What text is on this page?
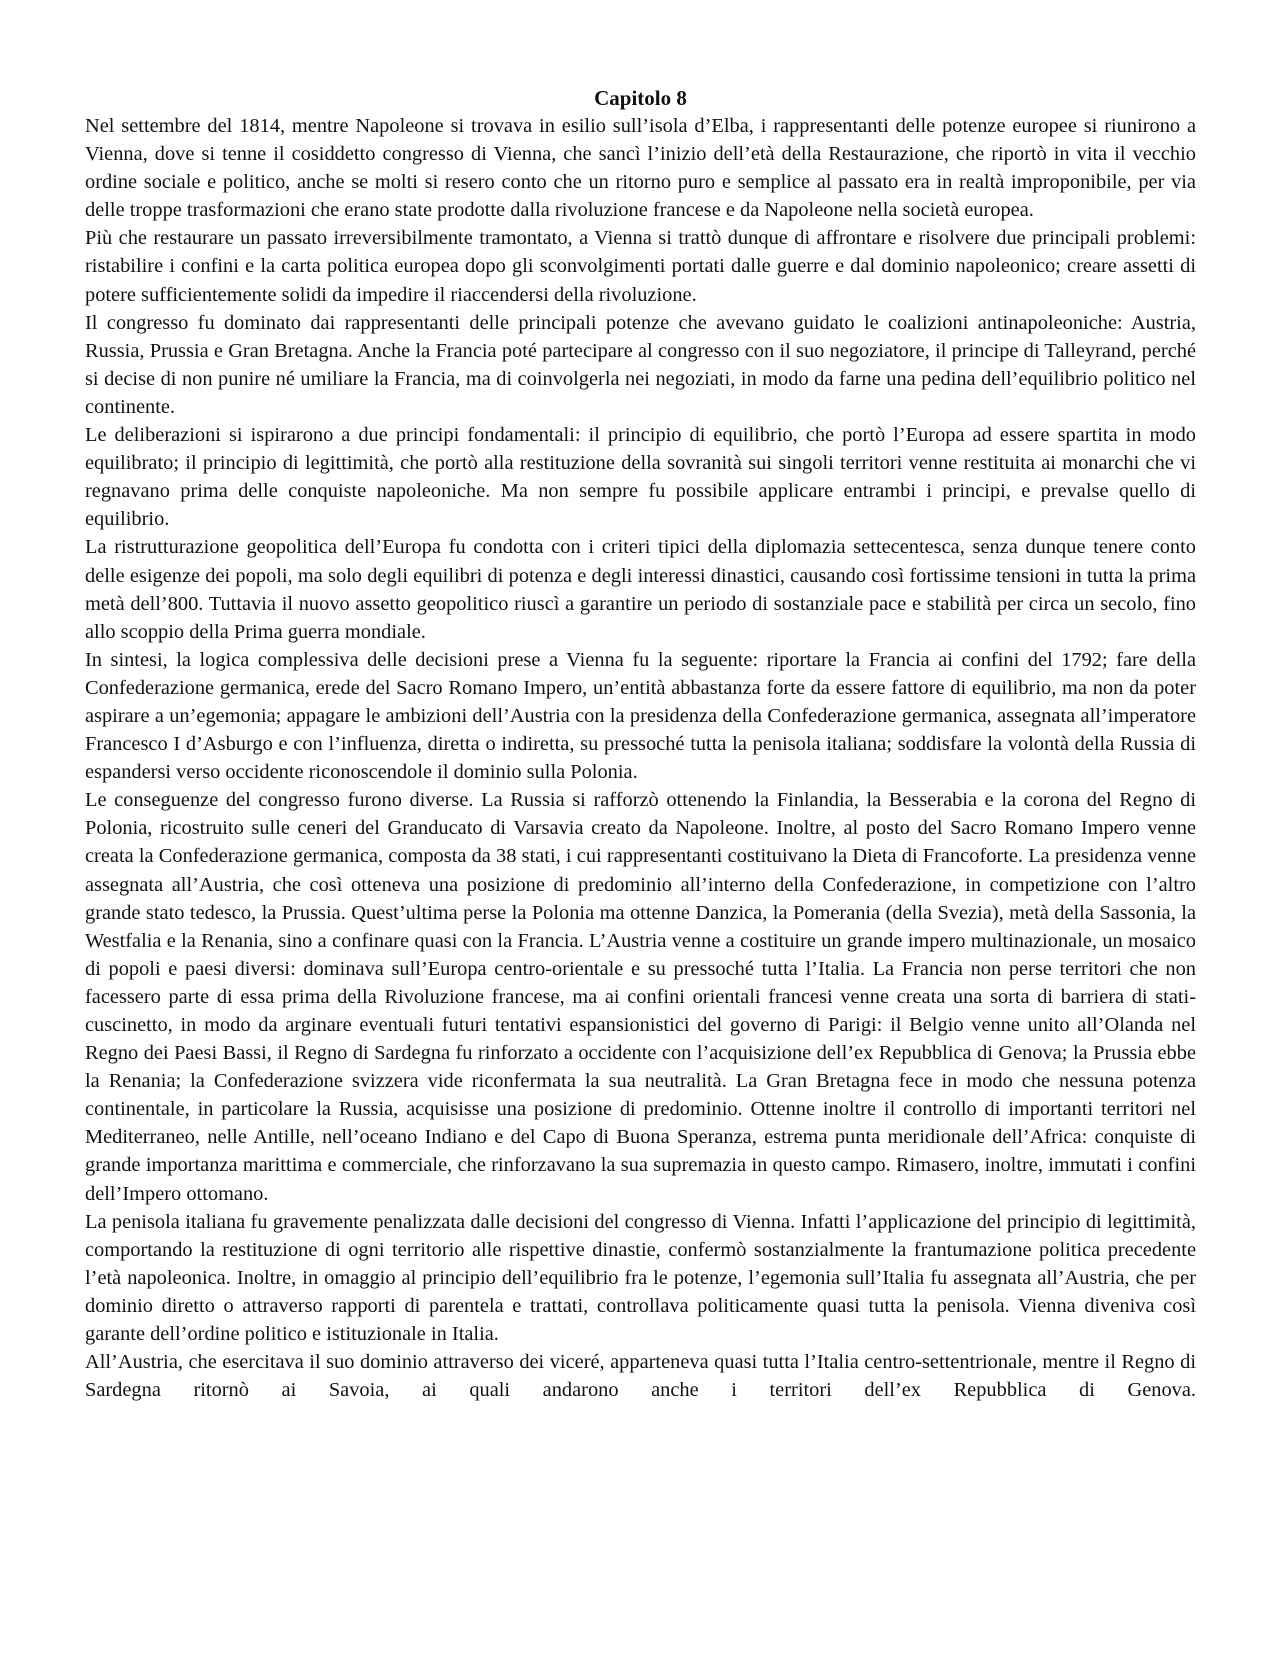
Capitolo 8

Nel settembre del 1814, mentre Napoleone si trovava in esilio sull’isola d’Elba, i rappresentanti delle potenze europee si riunirono a Vienna, dove si tenne il cosiddetto congresso di Vienna, che sancì l’inizio dell’età della Restaurazione, che riportò in vita il vecchio ordine sociale e politico, anche se molti si resero conto che un ritorno puro e semplice al passato era in realtà improponibile, per via delle troppe trasformazioni che erano state prodotte dalla rivoluzione francese e da Napoleone nella società europea.

Più che restaurare un passato irreversibilmente tramontato, a Vienna si trattò dunque di affrontare e risolvere due principali problemi: ristabilire i confini e la carta politica europea dopo gli sconvolgimenti portati dalle guerre e dal dominio napoleonico; creare assetti di potere sufficientemente solidi da impedire il riaccendersi della rivoluzione.

Il congresso fu dominato dai rappresentanti delle principali potenze che avevano guidato le coalizioni antinapoleoniche: Austria, Russia, Prussia e Gran Bretagna. Anche la Francia poté partecipare al congresso con il suo negoziatore, il principe di Talleyrand, perché si decise di non punire né umiliare la Francia, ma di coinvolgerla nei negoziati, in modo da farne una pedina dell’equilibrio politico nel continente.

Le deliberazioni si ispirarono a due principi fondamentali: il principio di equilibrio, che portò l’Europa ad essere spartita in modo equilibrato; il principio di legittimità, che portò alla restituzione della sovranità sui singoli territori venne restituita ai monarchi che vi regnavano prima delle conquiste napoleoniche. Ma non sempre fu possibile applicare entrambi i principi, e prevalse quello di equilibrio.

La ristrutturazione geopolitica dell’Europa fu condotta con i criteri tipici della diplomazia settecentesca, senza dunque tenere conto delle esigenze dei popoli, ma solo degli equilibri di potenza e degli interessi dinastici, causando così fortissime tensioni in tutta la prima metà dell’800. Tuttavia il nuovo assetto geopolitico riuscì a garantire un periodo di sostanziale pace e stabilità per circa un secolo, fino allo scoppio della Prima guerra mondiale.

In sintesi, la logica complessiva delle decisioni prese a Vienna fu la seguente: riportare la Francia ai confini del 1792; fare della Confederazione germanica, erede del Sacro Romano Impero, un’entità abbastanza forte da essere fattore di equilibrio, ma non da poter aspirare a un’egemonia; appagare le ambizioni dell’Austria con la presidenza della Confederazione germanica, assegnata all’imperatore Francesco I d’Asburgo e con l’influenza, diretta o indiretta, su pressoché tutta la penisola italiana; soddisfare la volontà della Russia di espandersi verso occidente riconoscendole il dominio sulla Polonia.

Le conseguenze del congresso furono diverse. La Russia si rafforzò ottenendo la Finlandia, la Besserabia e la corona del Regno di Polonia, ricostruito sulle ceneri del Granducato di Varsavia creato da Napoleone. Inoltre, al posto del Sacro Romano Impero venne creata la Confederazione germanica, composta da 38 stati, i cui rappresentanti costituivano la Dieta di Francoforte. La presidenza venne assegnata all’Austria, che così otteneva una posizione di predominio all’interno della Confederazione, in competizione con l’altro grande stato tedesco, la Prussia. Quest’ultima perse la Polonia ma ottenne Danzica, la Pomerania (della Svezia), metà della Sassonia, la Westfalia e la Renania, sino a confinare quasi con la Francia. L’Austria venne a costituire un grande impero multinazionale, un mosaico di popoli e paesi diversi: dominava sull’Europa centro-orientale e su pressoché tutta l’Italia. La Francia non perse territori che non facessero parte di essa prima della Rivoluzione francese, ma ai confini orientali francesi venne creata una sorta di barriera di stati-cuscinetto, in modo da arginare eventuali futuri tentativi espansionistici del governo di Parigi: il Belgio venne unito all’Olanda nel Regno dei Paesi Bassi, il Regno di Sardegna fu rinforzato a occidente con l’acquisizione dell’ex Repubblica di Genova; la Prussia ebbe la Renania; la Confederazione svizzera vide riconfermata la sua neutralità. La Gran Bretagna fece in modo che nessuna potenza continentale, in particolare la Russia, acquisisse una posizione di predominio. Ottenne inoltre il controllo di importanti territori nel Mediterraneo, nelle Antille, nell’oceano Indiano e del Capo di Buona Speranza, estrema punta meridionale dell’Africa: conquiste di grande importanza marittima e commerciale, che rinforzavano la sua supremazia in questo campo. Rimasero, inoltre, immutati i confini dell’Impero ottomano.

La penisola italiana fu gravemente penalizzata dalle decisioni del congresso di Vienna. Infatti l’applicazione del principio di legittimità, comportando la restituzione di ogni territorio alle rispettive dinastie, confermò sostanzialmente la frantumazione politica precedente l’età napoleonica. Inoltre, in omaggio al principio dell’equilibrio fra le potenze, l’egemonia sull’Italia fu assegnata all’Austria, che per dominio diretto o attraverso rapporti di parentela e trattati, controllava politicamente quasi tutta la penisola. Vienna diveniva così garante dell’ordine politico e istituzionale in Italia.

All’Austria, che esercitava il suo dominio attraverso dei viceré, apparteneva quasi tutta l’Italia centro-settentrionale, mentre il Regno di Sardegna ritornò ai Savoia, ai quali andarono anche i territori dell’ex Repubblica di Genova.
